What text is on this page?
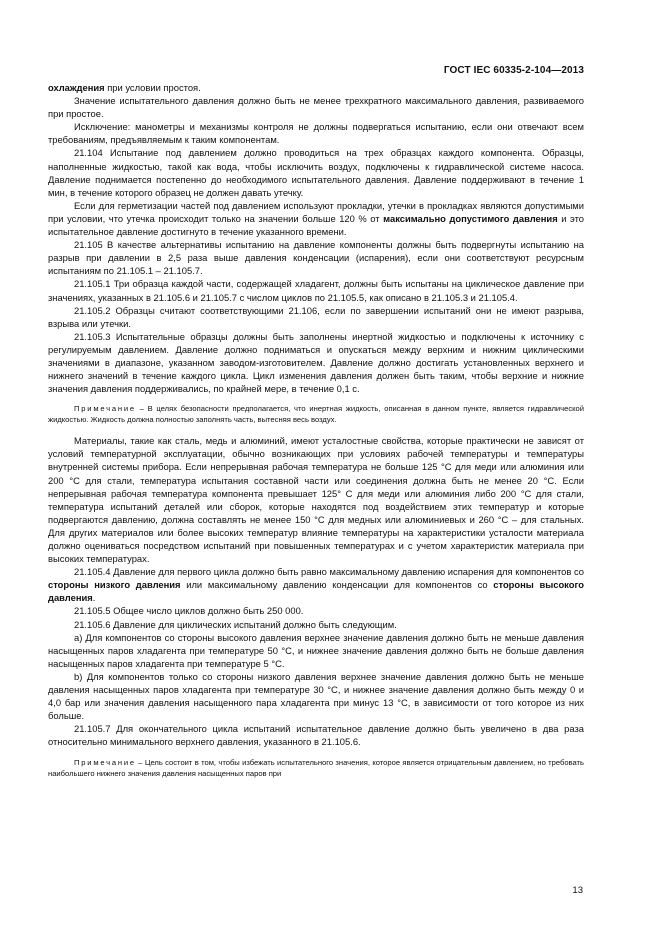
ГОСТ IEC 60335-2-104—2013

охлаждения при условии простоя.

Значение испытательного давления должно быть не менее трехкратного максимального давления, развиваемого при простое.

Исключение: манометры и механизмы контроля не должны подвергаться испытанию, если они отвечают всем требованиям, предъявляемым к таким компонентам.

21.104 Испытание под давлением должно проводиться на трех образцах каждого компонента. Образцы, наполненные жидкостью, такой как вода, чтобы исключить воздух, подключены к гидравлической системе насоса. Давление поднимается постепенно до необходимого испытательного давления. Давление поддерживают в течение 1 мин, в течение которого образец не должен давать утечку.

Если для герметизации частей под давлением используют прокладки, утечки в прокладках являются допустимыми при условии, что утечка происходит только на значении больше 120 % от максимально допустимого давления и это испытательное давление достигнуто в течение указанного времени.

21.105 В качестве альтернативы испытанию на давление компоненты должны быть подвергнуты испытанию на разрыв при давлении в 2,5 раза выше давления конденсации (испарения), если они соответствуют ресурсным испытаниям по 21.105.1 – 21.105.7.

21.105.1 Три образца каждой части, содержащей хладагент, должны быть испытаны на циклическое давление при значениях, указанных в 21.105.6 и 21.105.7 с числом циклов по 21.105.5, как описано в 21.105.3 и 21.105.4.

21.105.2 Образцы считают соответствующими 21.106, если по завершении испытаний они не имеют разрыва, взрыва или утечки.

21.105.3 Испытательные образцы должны быть заполнены инертной жидкостью и подключены к источнику с регулируемым давлением. Давление должно подниматься и опускаться между верхним и нижним циклическими значениями в диапазоне, указанном заводом-изготовителем. Давление должно достигать установленных верхнего и нижнего значений в течение каждого цикла. Цикл изменения давления должен быть таким, чтобы верхние и нижние значения давления поддерживались, по крайней мере, в течение 0,1 с.

Примечание – В целях безопасности предполагается, что инертная жидкость, описанная в данном пункте, является гидравлической жидкостью. Жидкость должна полностью заполнять часть, вытесняя весь воздух.

Материалы, такие как сталь, медь и алюминий, имеют усталостные свойства, которые практически не зависят от условий температурной эксплуатации, обычно возникающих при условиях рабочей температуры и температуры внутренней системы прибора. Если непрерывная рабочая температура не больше 125 °С для меди или алюминия или 200 °С для стали, температура испытания составной части или соединения должна быть не менее 20 °С. Если непрерывная рабочая температура компонента превышает 125° С для меди или алюминия либо 200 °С для стали, температура испытаний деталей или сборок, которые находятся под воздействием этих температур и которые подвергаются давлению, должна составлять не менее 150 °С для медных или алюминиевых и 260 °С – для стальных. Для других материалов или более высоких температур влияние температуры на характеристики усталости материала должно оцениваться посредством испытаний при повышенных температурах и с учетом характеристик материала при высоких температурах.

21.105.4 Давление для первого цикла должно быть равно максимальному давлению испарения для компонентов со стороны низкого давления или максимальному давлению конденсации для компонентов со стороны высокого давления.

21.105.5 Общее число циклов должно быть 250 000.

21.105.6 Давление для циклических испытаний должно быть следующим.

а) Для компонентов со стороны высокого давления верхнее значение давления должно быть не меньше давления насыщенных паров хладагента при температуре 50 °С, и нижнее значение давления должно быть не больше давления насыщенных паров хладагента при температуре 5 °С.

b) Для компонентов только со стороны низкого давления верхнее значение давления должно быть не меньше давления насыщенных паров хладагента при температуре 30 °С, и нижнее значение давления должно быть между 0 и 4,0 бар или значения давления насыщенного пара хладагента при минус 13 °С, в зависимости от того которое из них больше.

21.105.7 Для окончательного цикла испытаний испытательное давление должно быть увеличено в два раза относительно минимального верхнего давления, указанного в 21.105.6.

Примечание – Цель состоит в том, чтобы избежать испытательного значения, которое является отрицательным давлением, но требовать наибольшего нижнего значения давления насыщенных паров при

13
